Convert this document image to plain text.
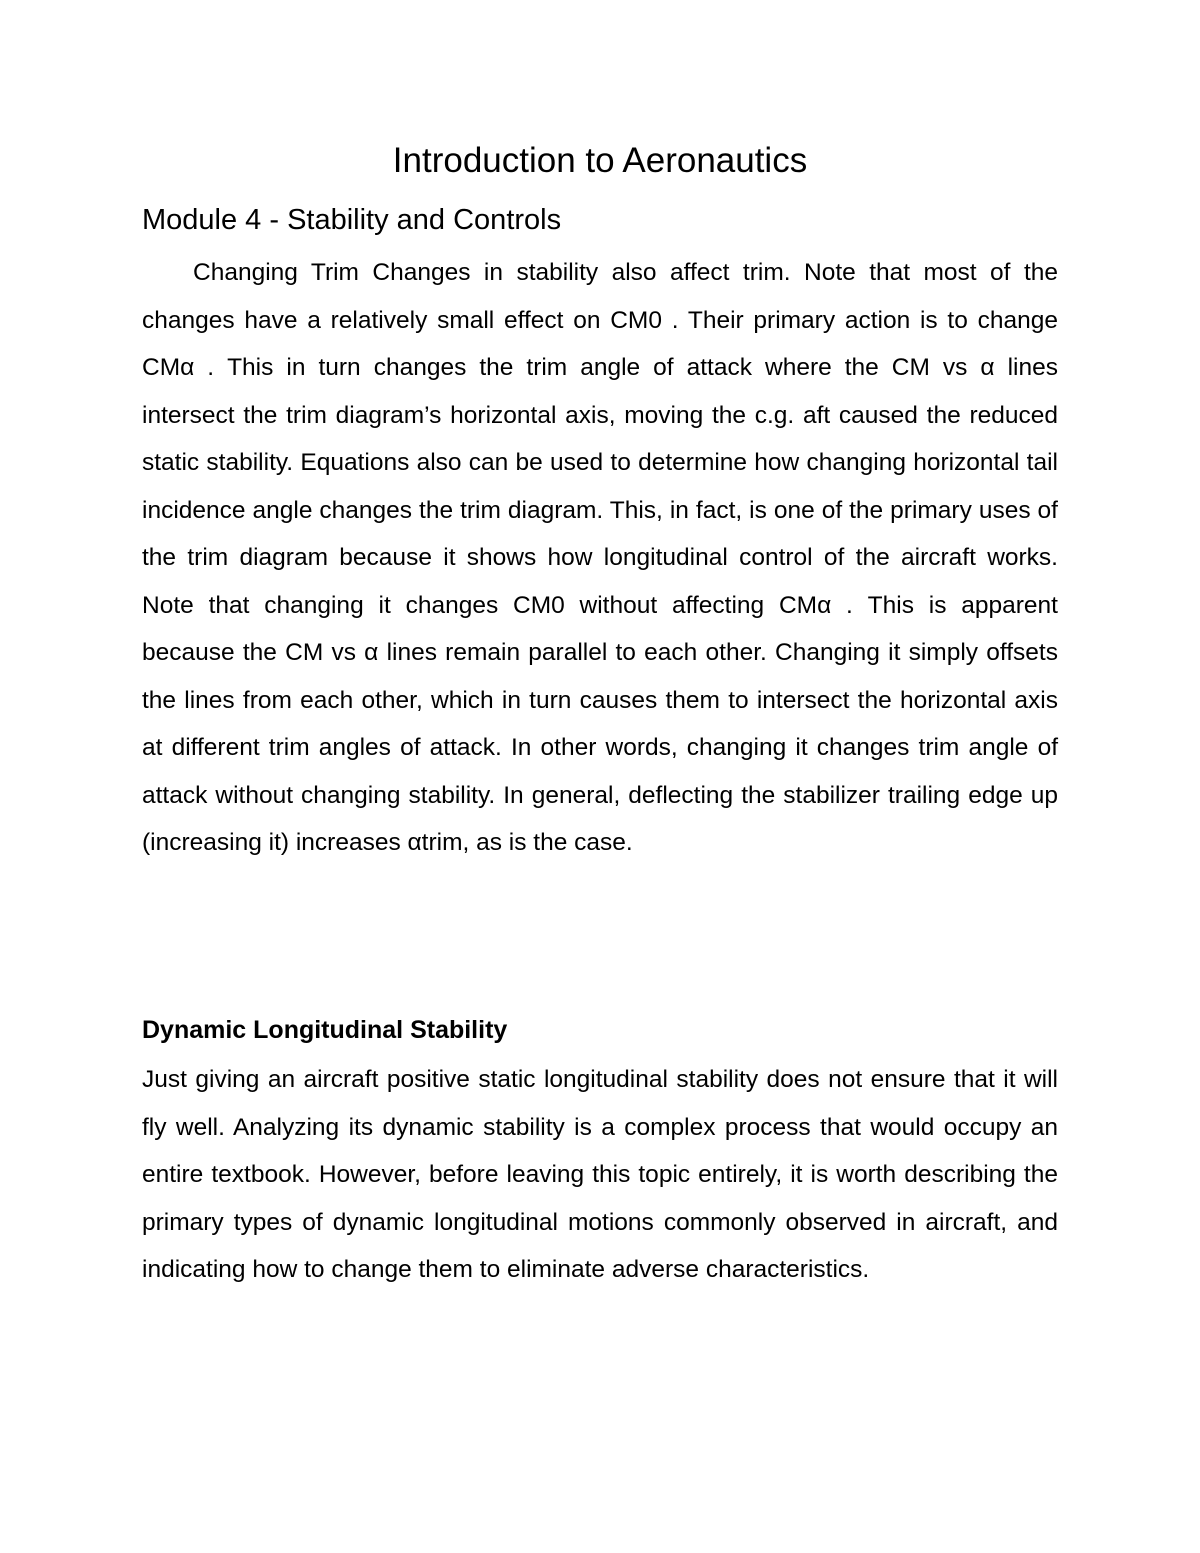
Introduction to Aeronautics
Module 4 - Stability and Controls

Changing Trim Changes in stability also affect trim. Note that most of the changes have a relatively small effect on CM0 . Their primary action is to change CMα . This in turn changes the trim angle of attack where the CM vs α lines intersect the trim diagram’s horizontal axis, moving the c.g. aft caused the reduced static stability. Equations also can be used to determine how changing horizontal tail incidence angle changes the trim diagram. This, in fact, is one of the primary uses of the trim diagram because it shows how longitudinal control of the aircraft works. Note that changing it changes CM0 without affecting CMα . This is apparent because the CM vs α lines remain parallel to each other. Changing it simply offsets the lines from each other, which in turn causes them to intersect the horizontal axis at different trim angles of attack. In other words, changing it changes trim angle of attack without changing stability. In general, deflecting the stabilizer trailing edge up (increasing it) increases αtrim, as is the case.

Dynamic Longitudinal Stability

Just giving an aircraft positive static longitudinal stability does not ensure that it will fly well. Analyzing its dynamic stability is a complex process that would occupy an entire textbook. However, before leaving this topic entirely, it is worth describing the primary types of dynamic longitudinal motions commonly observed in aircraft, and indicating how to change them to eliminate adverse characteristics.
